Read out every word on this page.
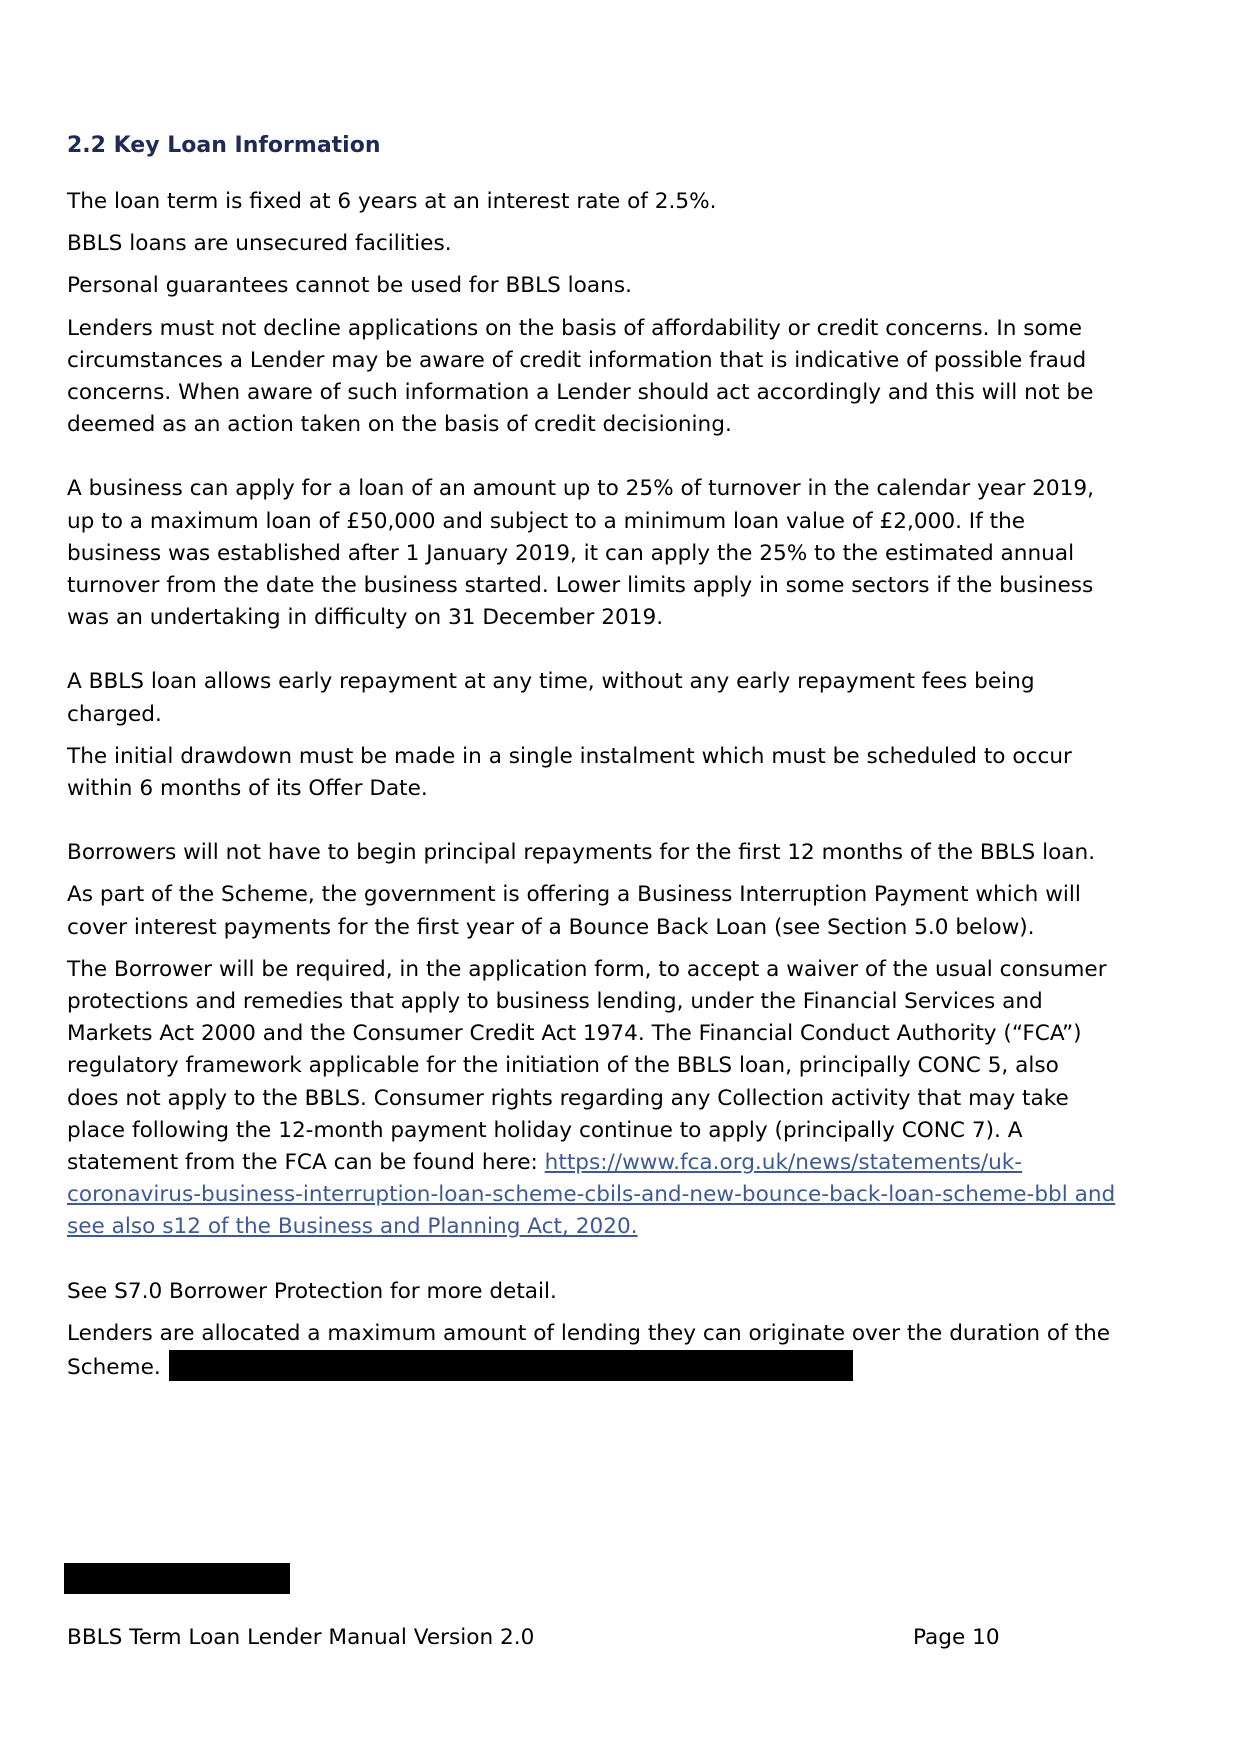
2.2 Key Loan Information

The loan term is fixed at 6 years at an interest rate of 2.5%.

BBLS loans are unsecured facilities.

Personal guarantees cannot be used for BBLS loans.

Lenders must not decline applications on the basis of affordability or credit concerns. In some circumstances a Lender may be aware of credit information that is indicative of possible fraud concerns. When aware of such information a Lender should act accordingly and this will not be deemed as an action taken on the basis of credit decisioning.

A business can apply for a loan of an amount up to 25% of turnover in the calendar year 2019, up to a maximum loan of £50,000 and subject to a minimum loan value of £2,000. If the business was established after 1 January 2019, it can apply the 25% to the estimated annual turnover from the date the business started. Lower limits apply in some sectors if the business was an undertaking in difficulty on 31 December 2019.

A BBLS loan allows early repayment at any time, without any early repayment fees being charged.

The initial drawdown must be made in a single instalment which must be scheduled to occur within 6 months of its Offer Date.

Borrowers will not have to begin principal repayments for the first 12 months of the BBLS loan.

As part of the Scheme, the government is offering a Business Interruption Payment which will cover interest payments for the first year of a Bounce Back Loan (see Section 5.0 below).

The Borrower will be required, in the application form, to accept a waiver of the usual consumer protections and remedies that apply to business lending, under the Financial Services and Markets Act 2000 and the Consumer Credit Act 1974. The Financial Conduct Authority (“FCA”) regulatory framework applicable for the initiation of the BBLS loan, principally CONC 5, also does not apply to the BBLS. Consumer rights regarding any Collection activity that may take place following the 12-month payment holiday continue to apply (principally CONC 7). A statement from the FCA can be found here: https://www.fca.org.uk/news/statements/uk-coronavirus-business-interruption-loan-scheme-cbils-and-new-bounce-back-loan-scheme-bbl and see also s12 of the Business and Planning Act, 2020.

See S7.0 Borrower Protection for more detail.

Lenders are allocated a maximum amount of lending they can originate over the duration of the Scheme.

BBLS Term Loan Lender Manual Version 2.0	Page 10
